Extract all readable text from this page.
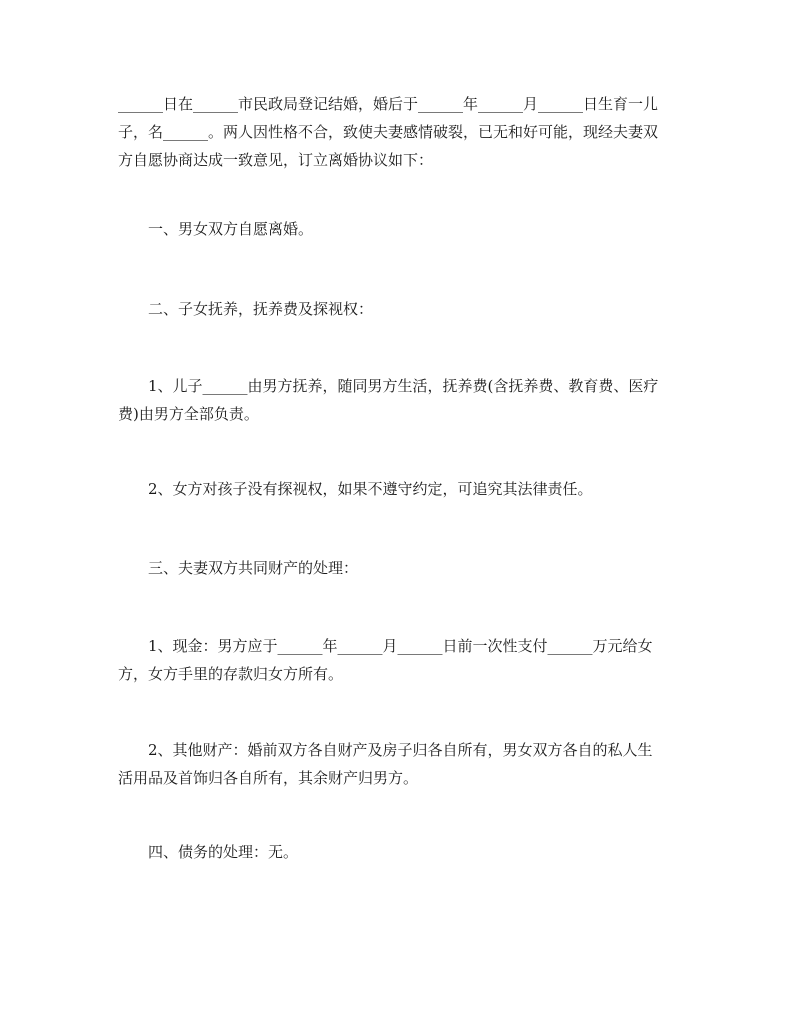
______日在______市民政局登记结婚，婚后于______年______月______日生育一儿
子，名______。两人因性格不合，致使夫妻感情破裂，已无和好可能，现经夫妻双
方自愿协商达成一致意见，订立离婚协议如下：

一、男女双方自愿离婚。

二、子女抚养，抚养费及探视权：

1、儿子______由男方抚养，随同男方生活，抚养费(含抚养费、教育费、医疗
费)由男方全部负责。

2、女方对孩子没有探视权，如果不遵守约定，可追究其法律责任。

三、夫妻双方共同财产的处理：

1、现金：男方应于______年______月______日前一次性支付______万元给女
方，女方手里的存款归女方所有。

2、其他财产：婚前双方各自财产及房子归各自所有，男女双方各自的私人生
活用品及首饰归各自所有，其余财产归男方。

四、债务的处理：无。
